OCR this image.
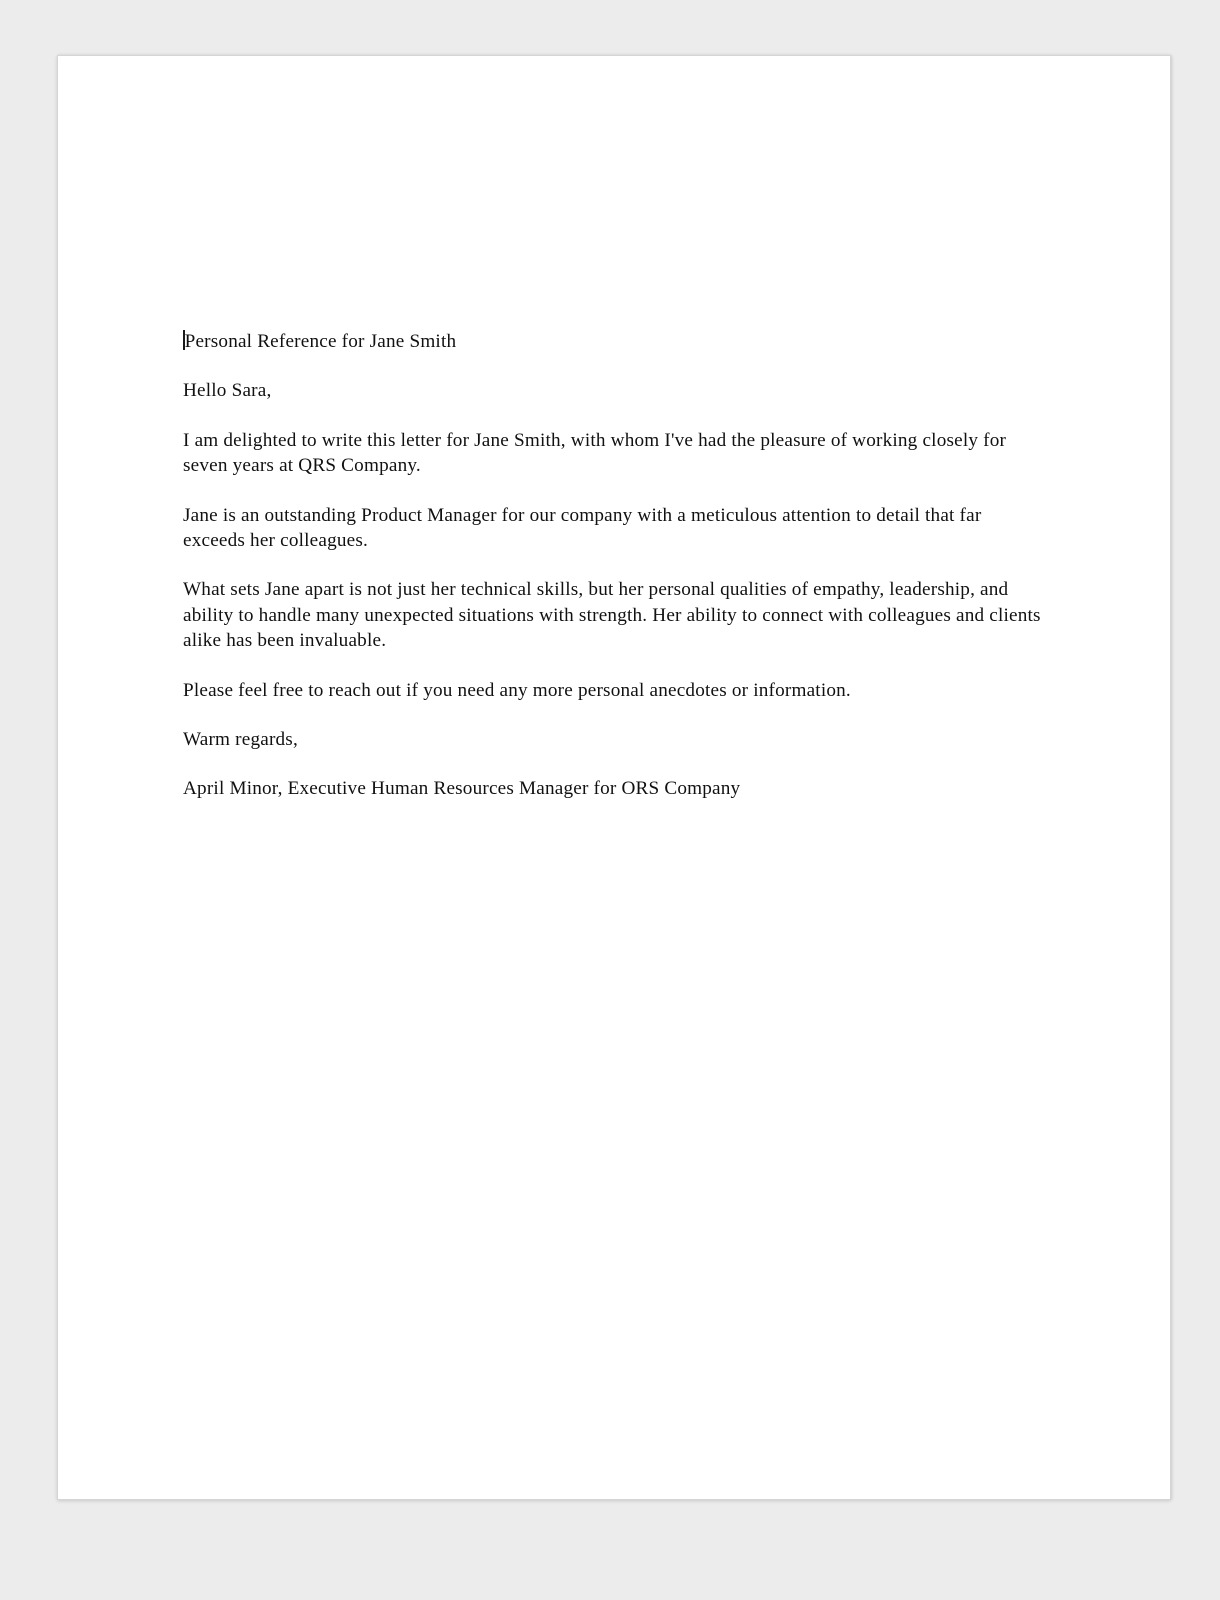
Personal Reference for Jane Smith

Hello Sara,

I am delighted to write this letter for Jane Smith, with whom I've had the pleasure of working closely for seven years at QRS Company.

Jane is an outstanding Product Manager for our company with a meticulous attention to detail that far exceeds her colleagues.

What sets Jane apart is not just her technical skills, but her personal qualities of empathy, leadership, and ability to handle many unexpected situations with strength. Her ability to connect with colleagues and clients alike has been invaluable.

Please feel free to reach out if you need any more personal anecdotes or information.

Warm regards,

April Minor, Executive Human Resources Manager for ORS Company
